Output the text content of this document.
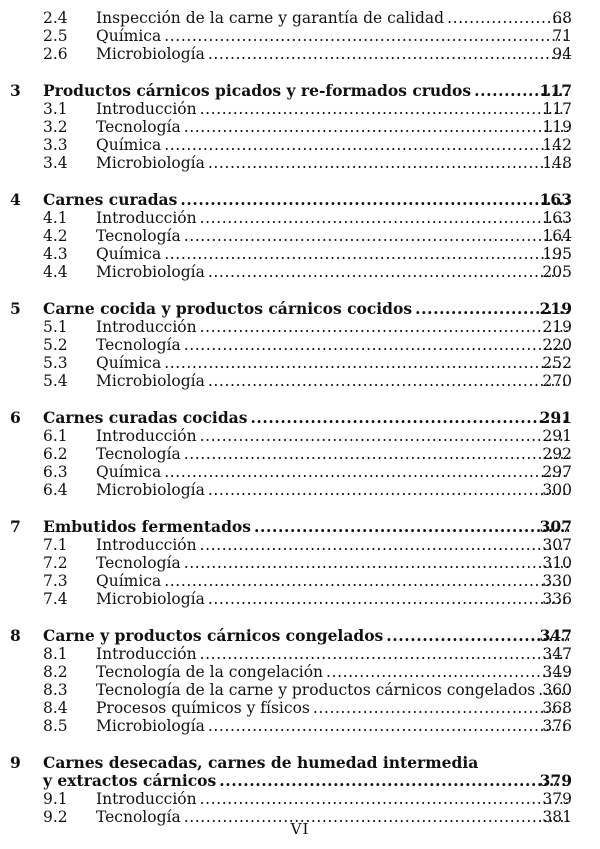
2.4 Inspección de la carne y garantía de calidad .....	68
2.5 Química .....	71
2.6 Microbiología .....	94
3 Productos cárnicos picados y re-formados crudos .....	117
3.1 Introducción .....	117
3.2 Tecnología .....	119
3.3 Química .....	142
3.4 Microbiología .....	148
4 Carnes curadas .....	163
4.1 Introducción .....	163
4.2 Tecnología .....	164
4.3 Química .....	195
4.4 Microbiología .....	205
5 Carne cocida y productos cárnicos cocidos .....	219
5.1 Introducción .....	219
5.2 Tecnología .....	220
5.3 Química .....	252
5.4 Microbiología .....	270
6 Carnes curadas cocidas .....	291
6.1 Introducción .....	291
6.2 Tecnología .....	292
6.3 Química .....	297
6.4 Microbiología .....	300
7 Embutidos fermentados .....	307
7.1 Introducción .....	307
7.2 Tecnología .....	310
7.3 Química .....	330
7.4 Microbiología .....	336
8 Carne y productos cárnicos congelados .....	347
8.1 Introducción .....	347
8.2 Tecnología de la congelación .....	349
8.3 Tecnología de la carne y productos cárnicos congelados ..... 360
8.4 Procesos químicos y físicos .....	368
8.5 Microbiología .....	376
9 Carnes desecadas, carnes de humedad intermedia
y extractos cárnicos .....	379
9.1 Introducción .....	379
9.2 Tecnología .....	381
VI
